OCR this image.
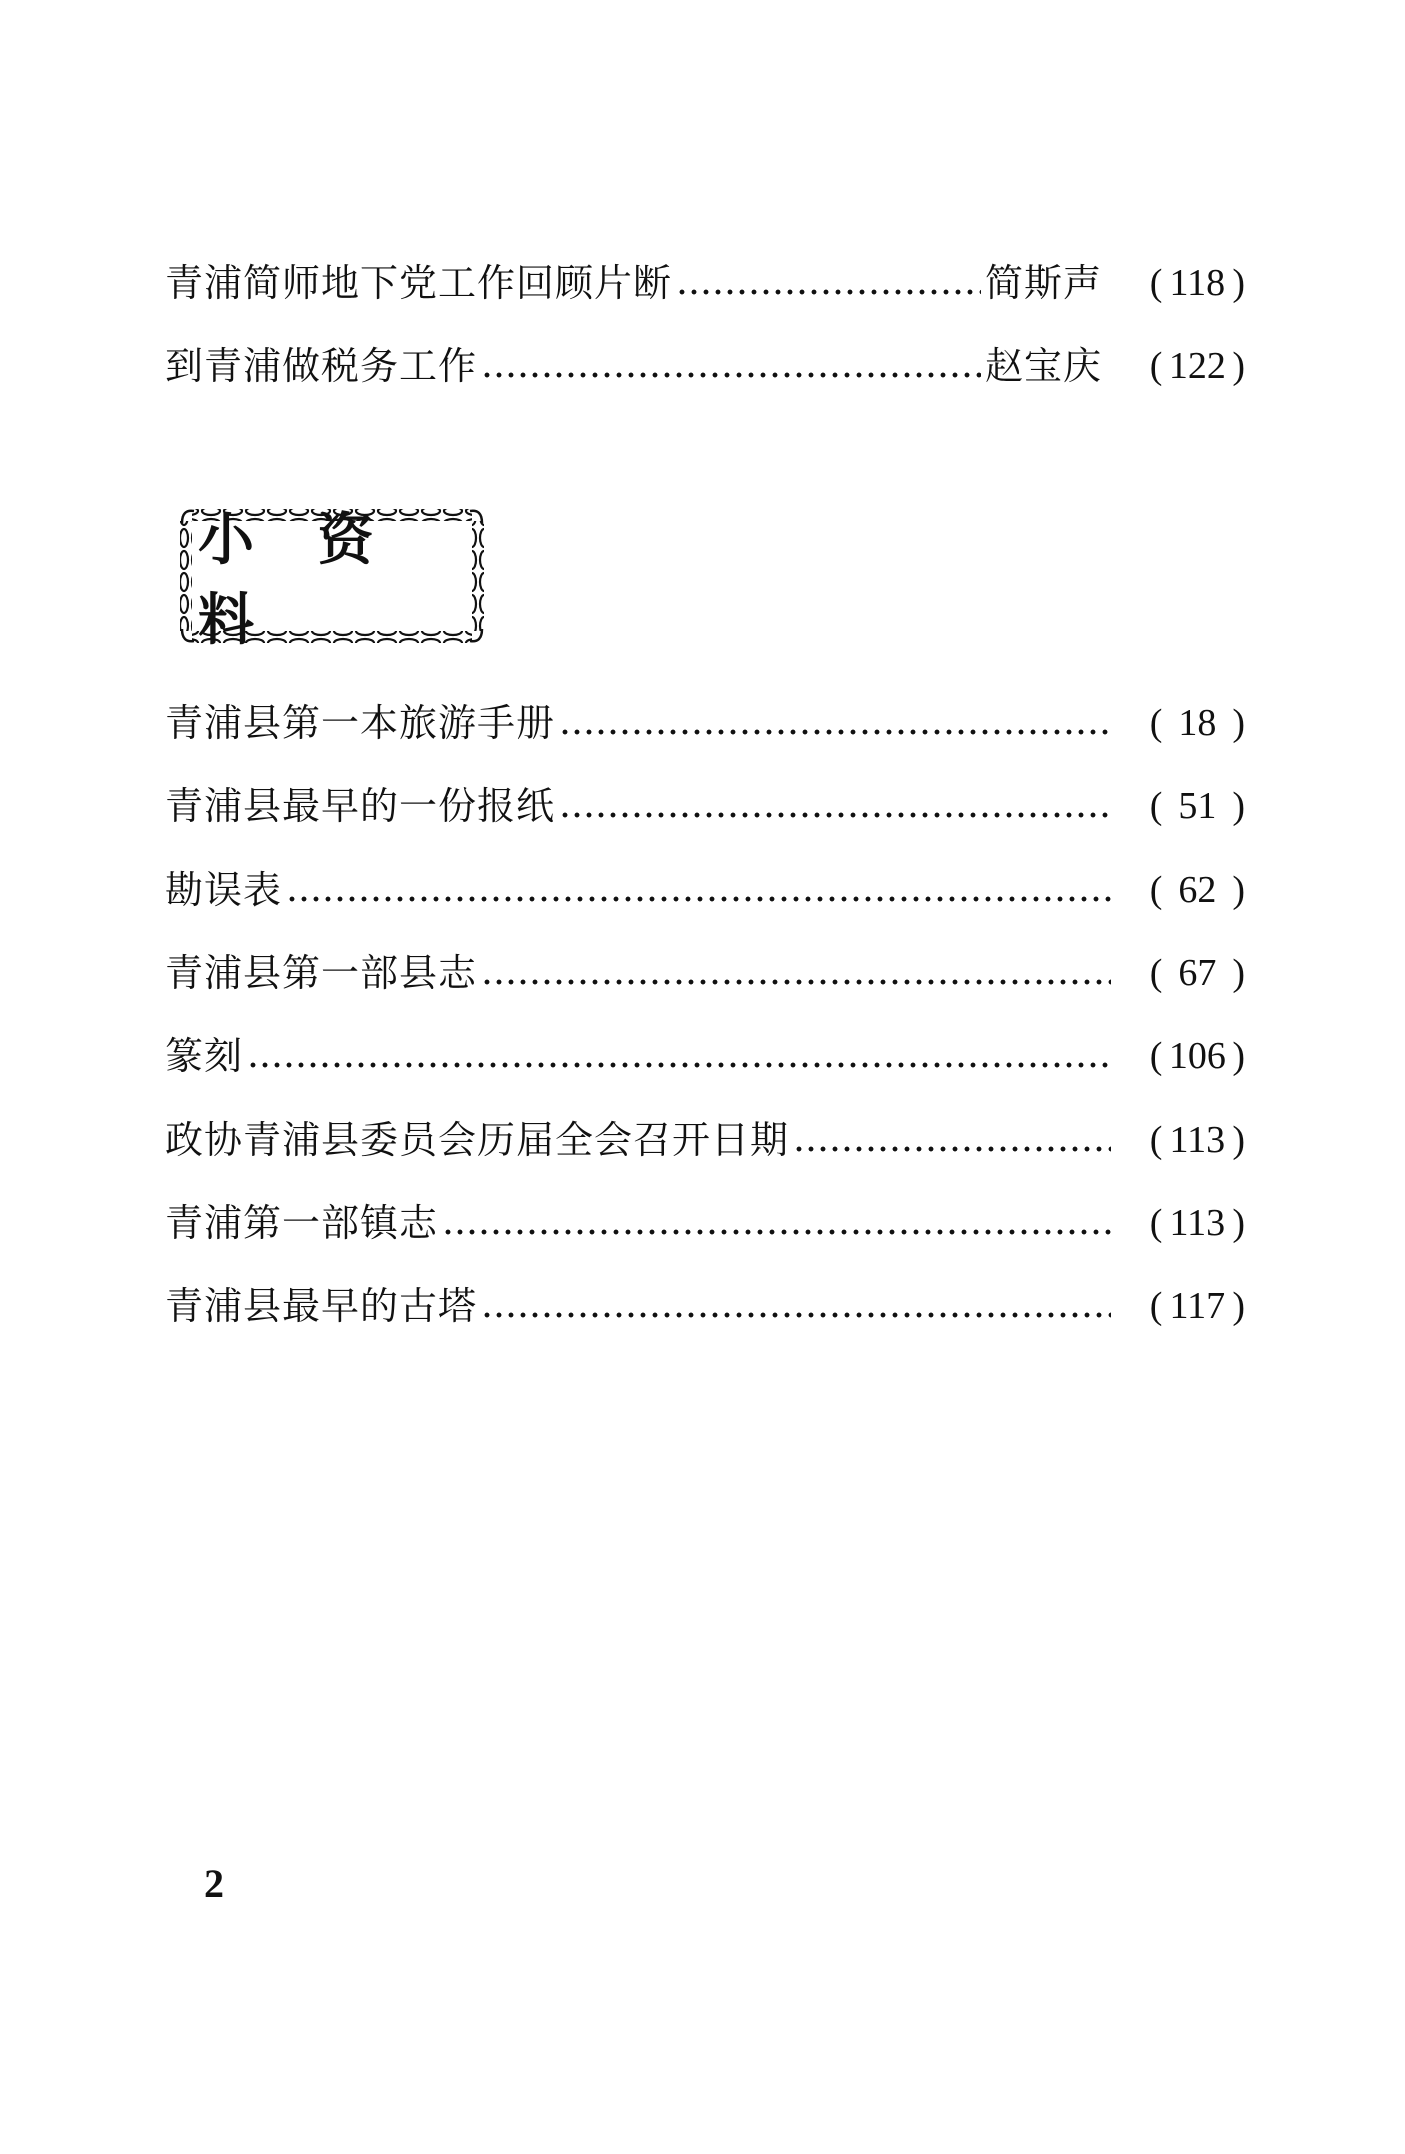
青浦简师地下党工作回顾片断	简斯声	( 118 )
到青浦做税务工作	赵宝庆	( 122 )
小 资 料
青浦县第一本旅游手册	( 18 )
青浦县最早的一份报纸	( 51 )
勘误表	( 62 )
青浦县第一部县志	( 67 )
篆刻	( 106 )
政协青浦县委员会历届全会召开日期	( 113 )
青浦第一部镇志	( 113 )
青浦县最早的古塔	( 117 )
2
